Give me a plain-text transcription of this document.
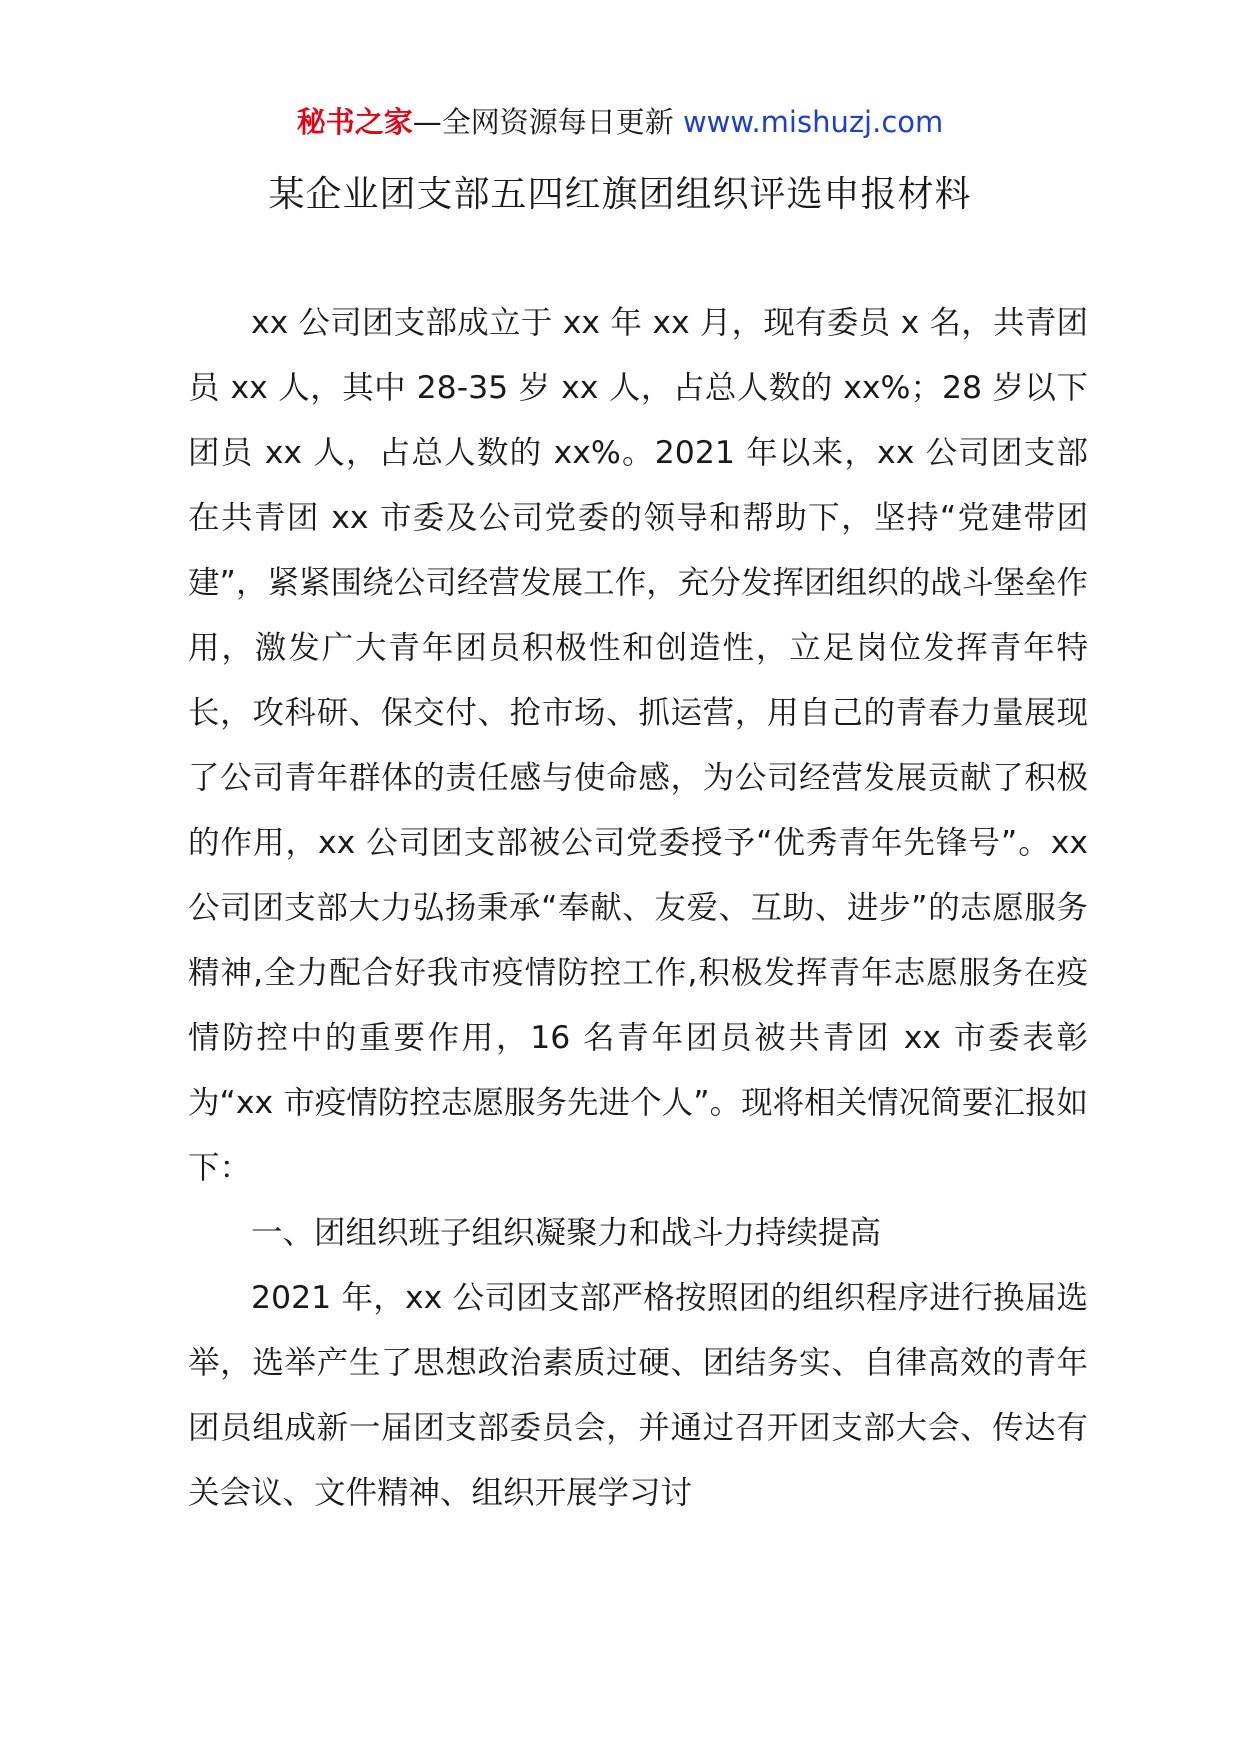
秘书之家—全网资源每日更新 www.mishuzj.com
某企业团支部五四红旗团组织评选申报材料

xx 公司团支部成立于 xx 年 xx 月，现有委员 x 名，共青团员 xx 人，其中 28-35 岁 xx 人，占总人数的 xx%；28 岁以下团员 xx 人，占总人数的 xx%。2021 年以来，xx 公司团支部在共青团 xx 市委及公司党委的领导和帮助下，坚持“党建带团建”，紧紧围绕公司经营发展工作，充分发挥团组织的战斗堡垒作用，激发广大青年团员积极性和创造性，立足岗位发挥青年特长，攻科研、保交付、抢市场、抓运营，用自己的青春力量展现了公司青年群体的责任感与使命感，为公司经营发展贡献了积极的作用，xx 公司团支部被公司党委授予“优秀青年先锋号”。xx 公司团支部大力弘扬秉承“奉献、友爱、互助、进步”的志愿服务精神,全力配合好我市疫情防控工作,积极发挥青年志愿服务在疫情防控中的重要作用，16 名青年团员被共青团 xx 市委表彰为“xx 市疫情防控志愿服务先进个人”。现将相关情况简要汇报如下：

一、团组织班子组织凝聚力和战斗力持续提高

2021 年，xx 公司团支部严格按照团的组织程序进行换届选举，选举产生了思想政治素质过硬、团结务实、自律高效的青年团员组成新一届团支部委员会，并通过召开团支部大会、传达有关会议、文件精神、组织开展学习讨
